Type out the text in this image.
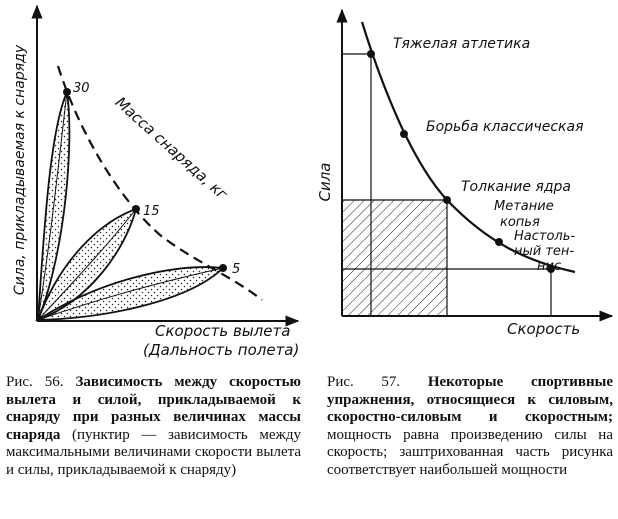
30
15
5
Сила, прикладываемая к снаряду	Масса снаряда, кг
Скорость вылета
(Дальность полета)
Тяжелая атлетика
Борьба классическая
Толкание ядра
Метание
копья
Настоль-
ный тен-
нис
Сила
Скорость
Рис. 56. Зависимость между скоростью вылета и силой, прикладываемой к снаряду при разных величинах массы снаряда (пунктир — зависимость между максимальными величинами скорости вылета и силы, прикладываемой к снаряду)
Рис. 57. Некоторые спортивные упражнения, относящиеся к силовым, скоростно-силовым и скоростным; мощность равна произведению силы на скорость; заштрихованная часть рисунка соответствует наибольшей мощности
